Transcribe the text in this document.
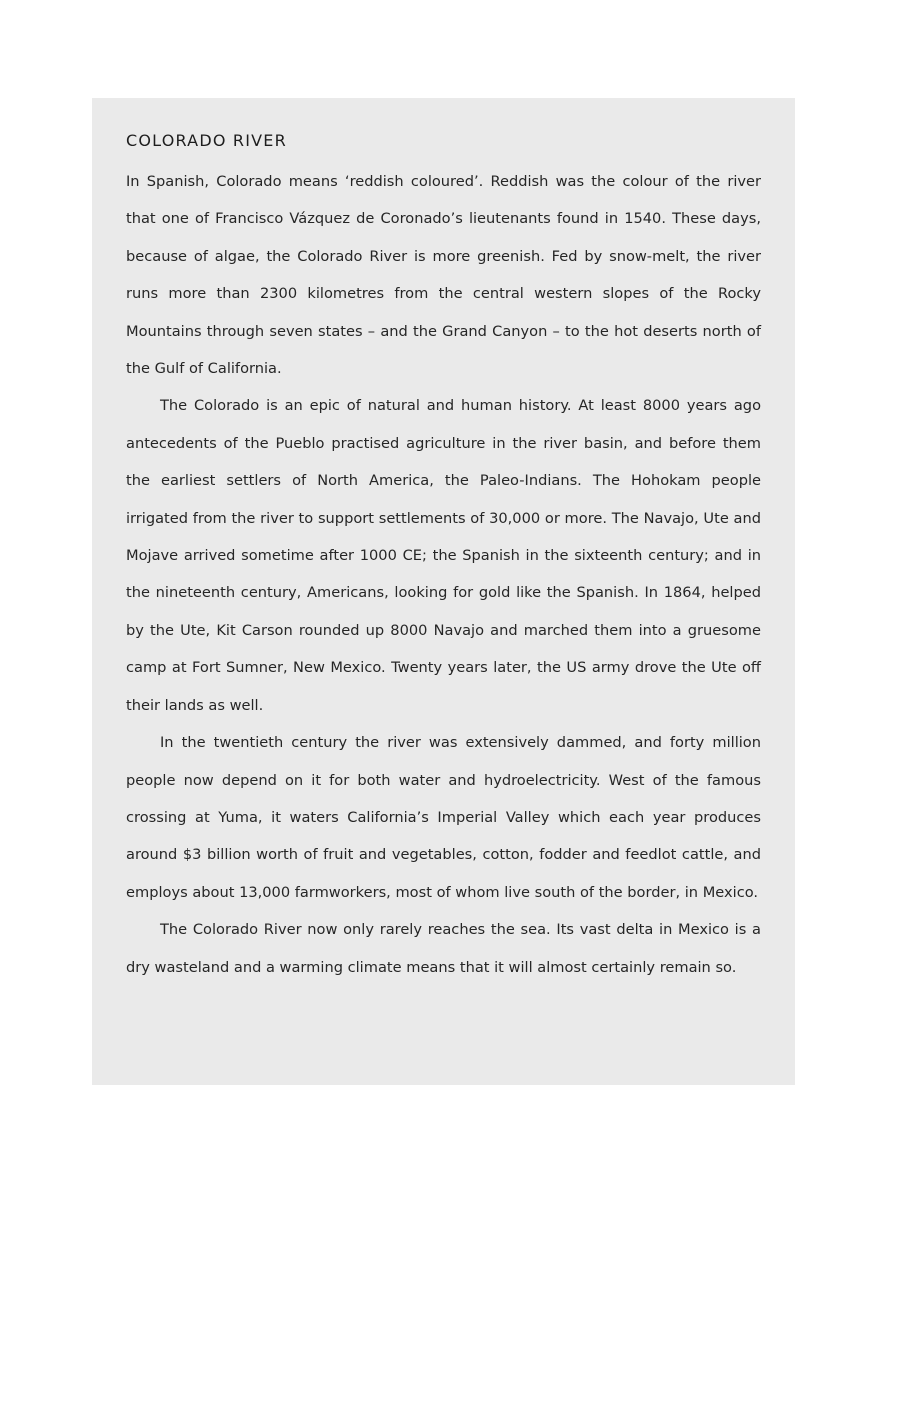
COLORADO RIVER

In Spanish, Colorado means ‘reddish coloured’. Reddish was the colour of the river that one of Francisco Vázquez de Coronado’s lieutenants found in 1540. These days, because of algae, the Colorado River is more greenish. Fed by snow-melt, the river runs more than 2300 kilometres from the central western slopes of the Rocky Mountains through seven states – and the Grand Canyon – to the hot deserts north of the Gulf of California.

The Colorado is an epic of natural and human history. At least 8000 years ago antecedents of the Pueblo practised agriculture in the river basin, and before them the earliest settlers of North America, the Paleo-Indians. The Hohokam people irrigated from the river to support settlements of 30,000 or more. The Navajo, Ute and Mojave arrived sometime after 1000 CE; the Spanish in the sixteenth century; and in the nineteenth century, Americans, looking for gold like the Spanish. In 1864, helped by the Ute, Kit Carson rounded up 8000 Navajo and marched them into a gruesome camp at Fort Sumner, New Mexico. Twenty years later, the US army drove the Ute off their lands as well.

In the twentieth century the river was extensively dammed, and forty million people now depend on it for both water and hydroelectricity. West of the famous crossing at Yuma, it waters California’s Imperial Valley which each year produces around $3 billion worth of fruit and vegetables, cotton, fodder and feedlot cattle, and employs about 13,000 farmworkers, most of whom live south of the border, in Mexico.

The Colorado River now only rarely reaches the sea. Its vast delta in Mexico is a dry wasteland and a warming climate means that it will almost certainly remain so.
